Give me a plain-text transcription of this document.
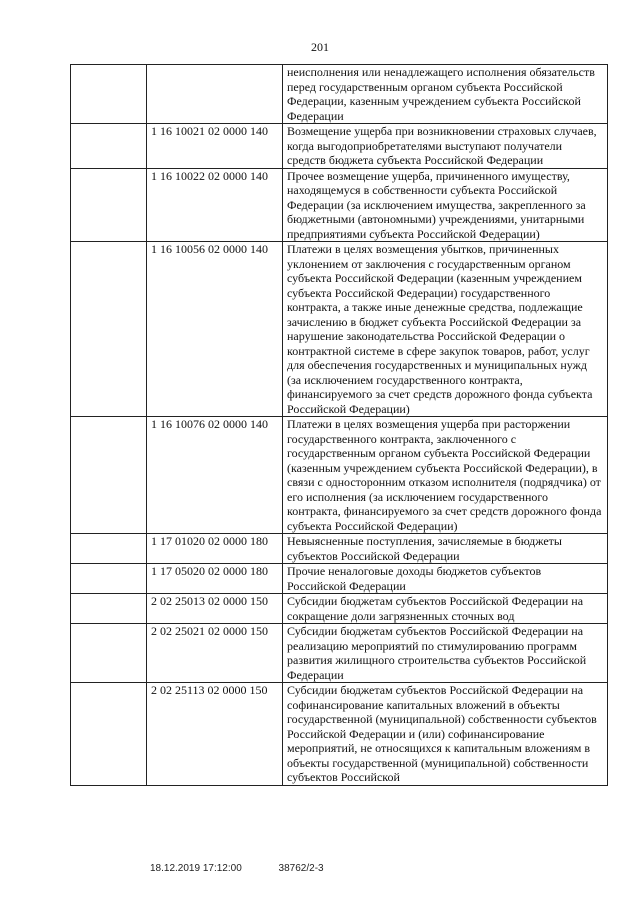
201
		неисполнения или ненадлежащего исполнения обязательств перед государственным органом субъекта Российской Федерации, казенным учреждением субъекта Российской Федерации
	1 16 10021 02 0000 140	Возмещение ущерба при возникновении страховых случаев, когда выгодоприобретателями выступают получатели средств бюджета субъекта Российской Федерации
	1 16 10022 02 0000 140	Прочее возмещение ущерба, причиненного имуществу, находящемуся в собственности субъекта Российской Федерации (за исключением имущества, закрепленного за бюджетными (автономными) учреждениями, унитарными предприятиями субъекта Российской Федерации)
	1 16 10056 02 0000 140	Платежи в целях возмещения убытков, причиненных уклонением от заключения с государственным органом субъекта Российской Федерации (казенным учреждением субъекта Российской Федерации) государственного контракта, а также иные денежные средства, подлежащие зачислению в бюджет субъекта Российской Федерации за нарушение законодательства Российской Федерации о контрактной системе в сфере закупок товаров, работ, услуг для обеспечения государственных и муниципальных нужд (за исключением государственного контракта, финансируемого за счет средств дорожного фонда субъекта Российской Федерации)
	1 16 10076 02 0000 140	Платежи в целях возмещения ущерба при расторжении государственного контракта, заключенного с государственным органом субъекта Российской Федерации (казенным учреждением субъекта Российской Федерации), в связи с односторонним отказом исполнителя (подрядчика) от его исполнения (за исключением государственного контракта, финансируемого за счет средств дорожного фонда субъекта Российской Федерации)
	1 17 01020 02 0000 180	Невыясненные поступления, зачисляемые в бюджеты субъектов Российской Федерации
	1 17 05020 02 0000 180	Прочие неналоговые доходы бюджетов субъектов Российской Федерации
	2 02 25013 02 0000 150	Субсидии бюджетам субъектов Российской Федерации на сокращение доли загрязненных сточных вод
	2 02 25021 02 0000 150	Субсидии бюджетам субъектов Российской Федерации на реализацию мероприятий по стимулированию программ развития жилищного строительства субъектов Российской Федерации
	2 02 25113 02 0000 150	Субсидии бюджетам субъектов Российской Федерации на софинансирование капитальных вложений в объекты государственной (муниципальной) собственности субъектов Российской Федерации и (или) софинансирование мероприятий, не относящихся к капитальным вложениям в объекты государственной (муниципальной) собственности субъектов Российской
18.12.2019 17:12:00	38762/2-3
